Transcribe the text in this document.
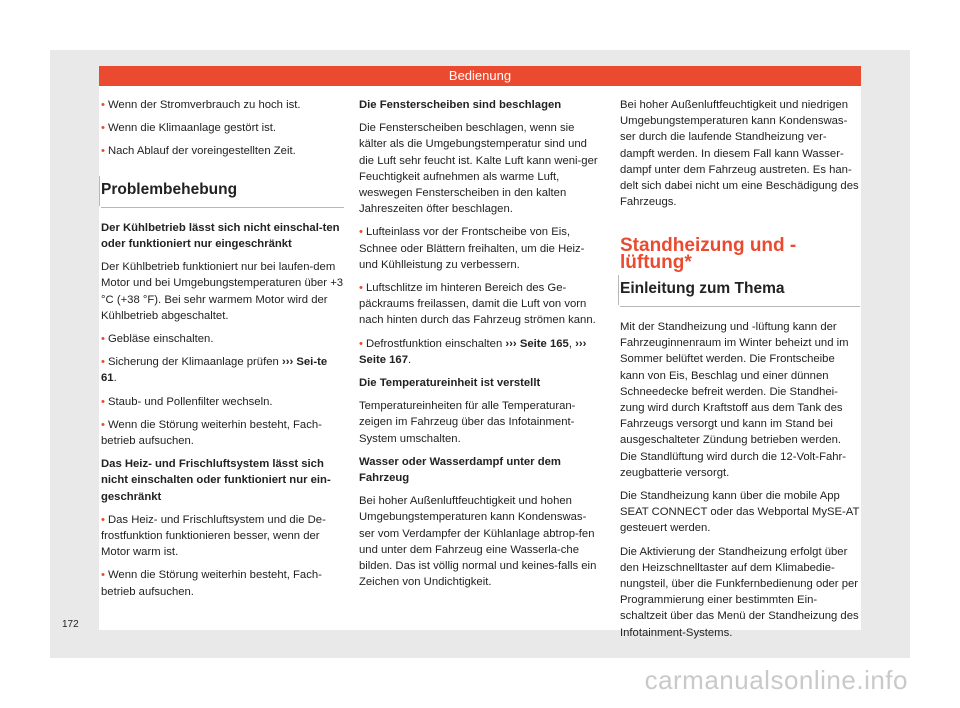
Bedienung

• Wenn der Stromverbrauch zu hoch ist.

• Wenn die Klimaanlage gestört ist.

• Nach Ablauf der voreingestellten Zeit.

Problembehebung

Der Kühlbetrieb lässt sich nicht einschal-ten oder funktioniert nur eingeschränkt

Der Kühlbetrieb funktioniert nur bei laufen-dem Motor und bei Umgebungstemperaturen über +3 °C (+38 °F). Bei sehr warmem Motor wird der Kühlbetrieb abgeschaltet.

• Gebläse einschalten.

• Sicherung der Klimaanlage prüfen ››› Sei-te 61.

• Staub- und Pollenfilter wechseln.

• Wenn die Störung weiterhin besteht, Fach-betrieb aufsuchen.

Das Heiz- und Frischluftsystem lässt sich nicht einschalten oder funktioniert nur ein-geschränkt

• Das Heiz- und Frischluftsystem und die De-frostfunktion funktionieren besser, wenn der Motor warm ist.

• Wenn die Störung weiterhin besteht, Fach-betrieb aufsuchen.

Die Fensterscheiben sind beschlagen

Die Fensterscheiben beschlagen, wenn sie kälter als die Umgebungstemperatur sind und die Luft sehr feucht ist. Kalte Luft kann weni-ger Feuchtigkeit aufnehmen als warme Luft, weswegen Fensterscheiben in den kalten Jahreszeiten öfter beschlagen.

• Lufteinlass vor der Frontscheibe von Eis, Schnee oder Blättern freihalten, um die Heiz- und Kühlleistung zu verbessern.

• Luftschlitze im hinteren Bereich des Ge-päckraums freilassen, damit die Luft von vorn nach hinten durch das Fahrzeug strömen kann.

• Defrostfunktion einschalten ››› Seite 165, ››› Seite 167.

Die Temperatureinheit ist verstellt

Temperatureinheiten für alle Temperaturan-zeigen im Fahrzeug über das Infotainment-System umschalten.

Wasser oder Wasserdampf unter dem Fahrzeug

Bei hoher Außenluftfeuchtigkeit und hohen Umgebungstemperaturen kann Kondenswas-ser vom Verdampfer der Kühlanlage abtrop-fen und unter dem Fahrzeug eine Wasserla-che bilden. Das ist völlig normal und keines-falls ein Zeichen von Undichtigkeit.

Bei hoher Außenluftfeuchtigkeit und niedrigen Umgebungstemperaturen kann Kondenswas-ser durch die laufende Standheizung ver-dampft werden. In diesem Fall kann Wasser-dampf unter dem Fahrzeug austreten. Es han-delt sich dabei nicht um eine Beschädigung des Fahrzeugs.

Standheizung und -lüftung*
Einleitung zum Thema

Mit der Standheizung und -lüftung kann der Fahrzeuginnenraum im Winter beheizt und im Sommer belüftet werden. Die Frontscheibe kann von Eis, Beschlag und einer dünnen Schneedecke befreit werden. Die Standhei-zung wird durch Kraftstoff aus dem Tank des Fahrzeugs versorgt und kann im Stand bei ausgeschalteter Zündung betrieben werden. Die Standlüftung wird durch die 12-Volt-Fahr-zeugbatterie versorgt.

Die Standheizung kann über die mobile App SEAT CONNECT oder das Webportal MySE-AT gesteuert werden.

Die Aktivierung der Standheizung erfolgt über den Heizschnelltaster auf dem Klimabedie-nungsteil, über die Funkfernbedienung oder per Programmierung einer bestimmten Ein-schaltzeit über das Menü der Standheizung des Infotainment-Systems.

172
carmanualsonline.info
